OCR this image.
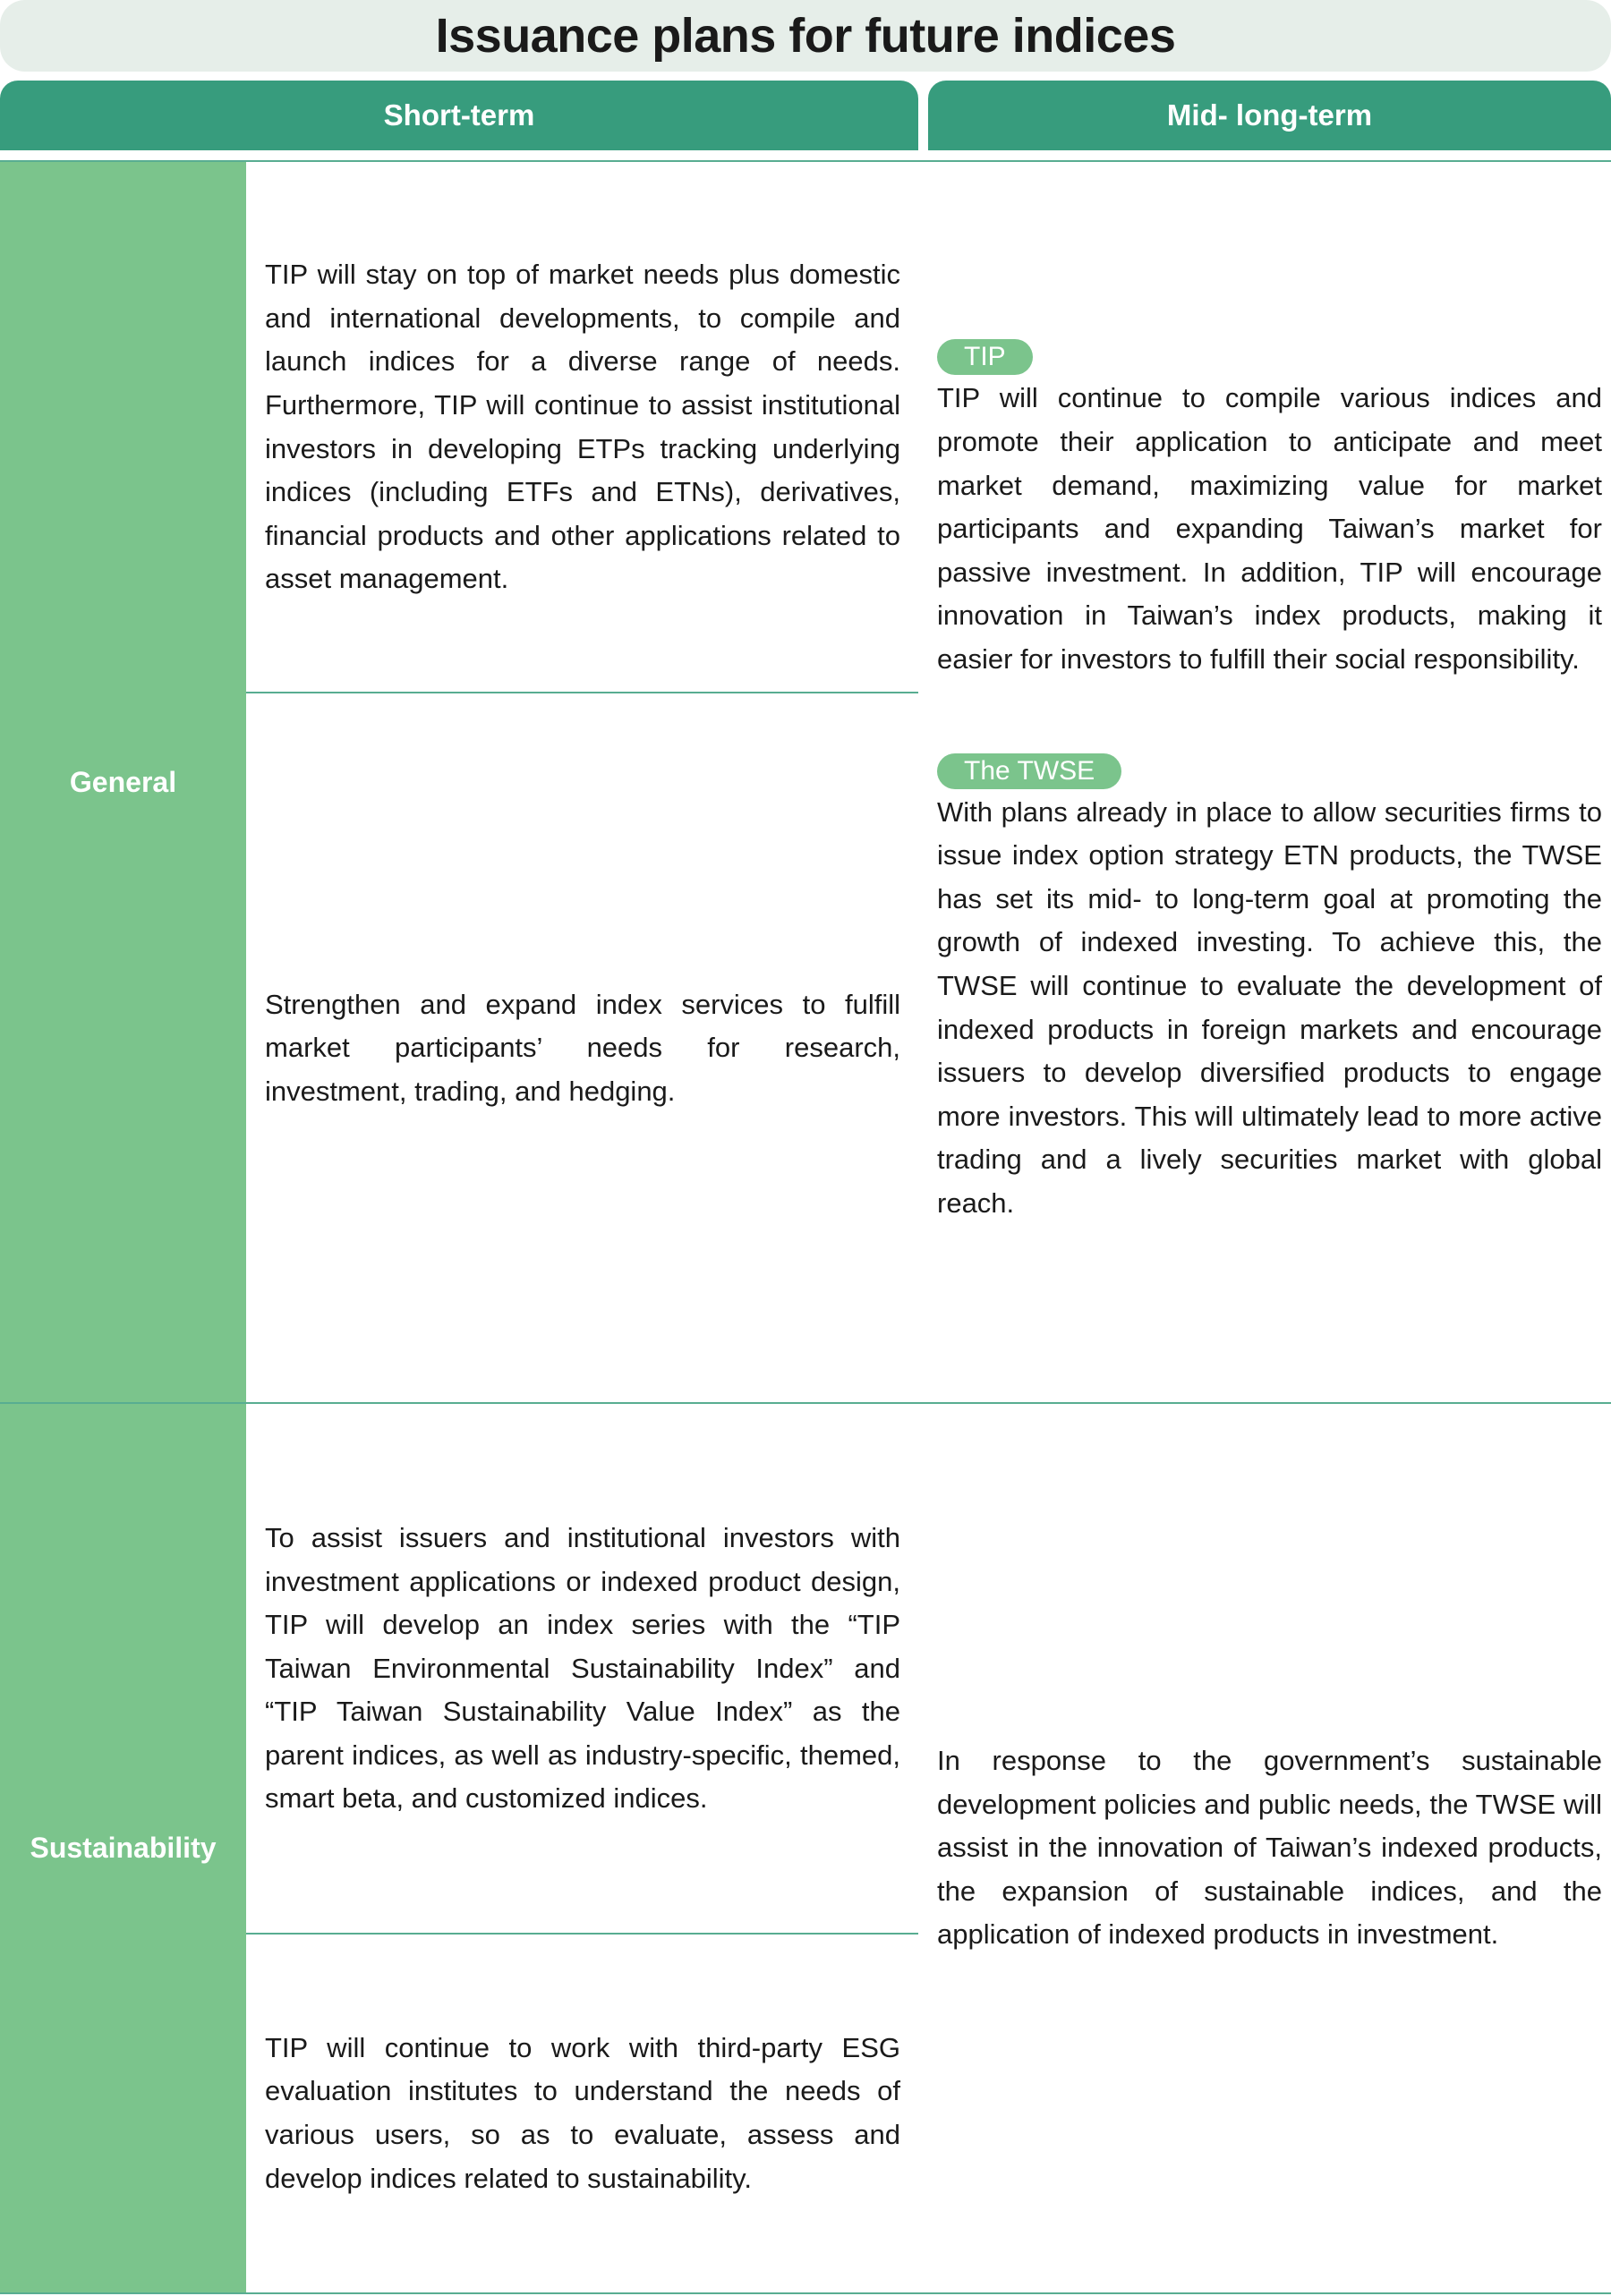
Issuance plans for future indices
Short-term	Mid- long-term
General
TIP will stay on top of market needs plus domestic and international developments, to compile and launch indices for a diverse range of needs. Furthermore, TIP will continue to assist institutional investors in developing ETPs tracking underlying indices (including ETFs and ETNs), derivatives, financial products and other applications related to asset management.
Strengthen and expand index services to fulfill market participants’ needs for research, investment, trading, and hedging.
TIP
TIP will continue to compile various indices and promote their application to anticipate and meet market demand, maximizing value for market participants and expanding Taiwan’s market for passive investment. In addition, TIP will encourage innovation in Taiwan’s index products, making it easier for investors to fulfill their social responsibility.
The TWSE
With plans already in place to allow securities firms to issue index option strategy ETN products, the TWSE has set its mid- to long-term goal at promoting the growth of indexed investing. To achieve this, the TWSE will continue to evaluate the development of indexed products in foreign markets and encourage issuers to develop diversified products to engage more investors. This will ultimately lead to more active trading and a lively securities market with global reach.
Sustainability
To assist issuers and institutional investors with investment applications or indexed product design, TIP will develop an index series with the “TIP Taiwan Environmental Sustainability Index” and “TIP Taiwan Sustainability Value Index” as the parent indices, as well as industry-specific, themed, smart beta, and customized indices.
TIP will continue to work with third-party ESG evaluation institutes to understand the needs of various users, so as to evaluate, assess and develop indices related to sustainability.
In response to the government’s sustainable development policies and public needs, the TWSE will assist in the innovation of Taiwan’s indexed products, the expansion of sustainable indices, and the application of indexed products in investment.
